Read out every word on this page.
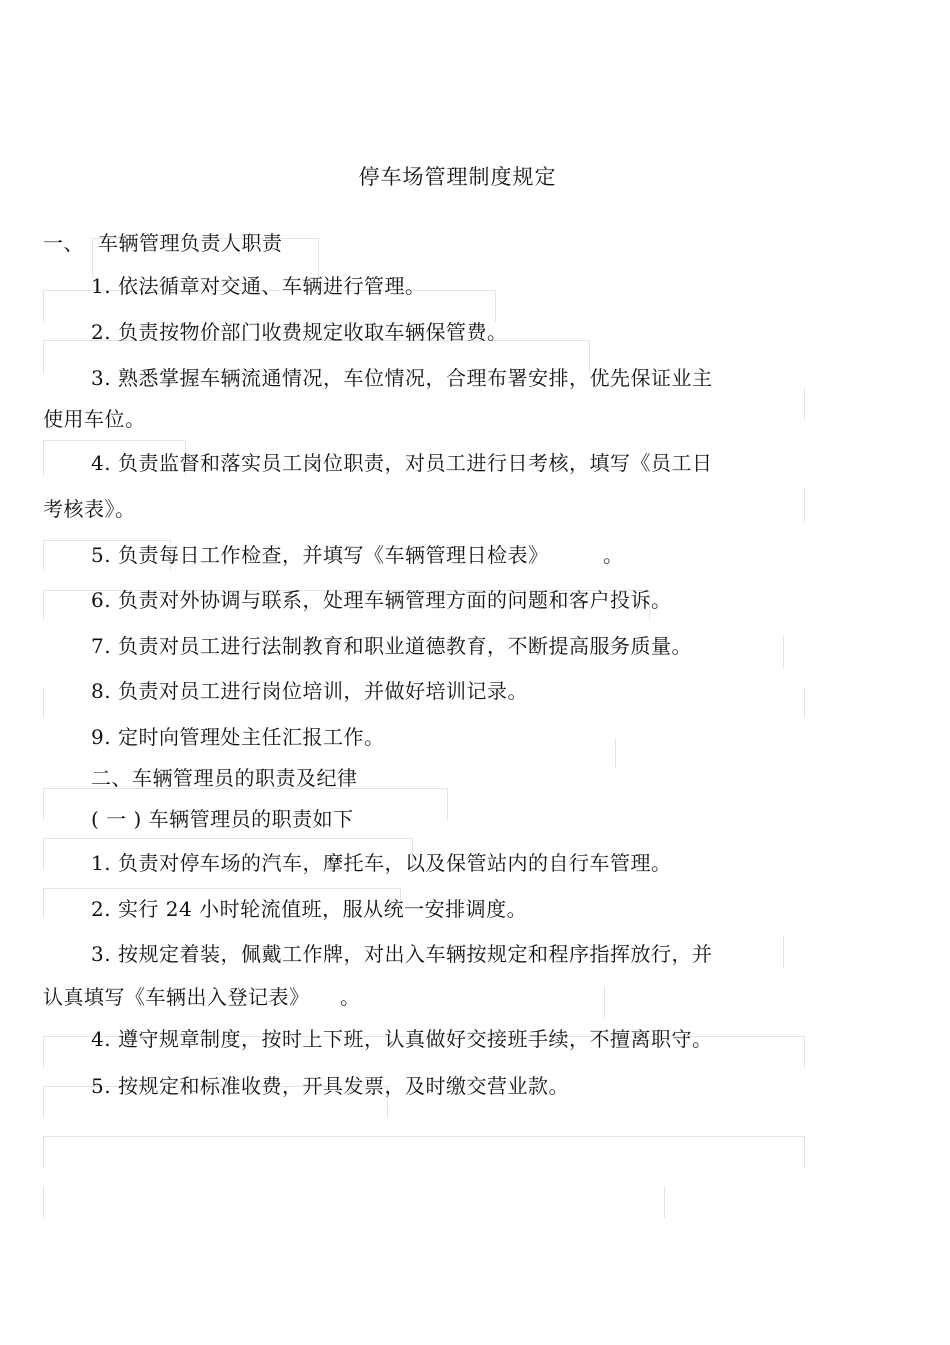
停车场管理制度规定
一、 车辆管理负责人职责
1. 依法循章对交通、车辆进行管理。
2. 负责按物价部门收费规定收取车辆保管费。
3. 熟悉掌握车辆流通情况，车位情况，合理布署安排，优先保证业主
使用车位。
4. 负责监督和落实员工岗位职责，对员工进行日考核，填写《员工日
考核表》。
5. 负责每日工作检查，并填写《车辆管理日检表》	。
6. 负责对外协调与联系，处理车辆管理方面的问题和客户投诉。
7. 负责对员工进行法制教育和职业道德教育，不断提高服务质量。
8. 负责对员工进行岗位培训，并做好培训记录。
9. 定时向管理处主任汇报工作。
二、车辆管理员的职责及纪律
( 一 ) 车辆管理员的职责如下
1. 负责对停车场的汽车，摩托车，以及保管站内的自行车管理。
2. 实行 24 小时轮流值班，服从统一安排调度。
3. 按规定着装，佩戴工作牌，对出入车辆按规定和程序指挥放行，并
认真填写《车辆出入登记表》 。
4. 遵守规章制度，按时上下班，认真做好交接班手续，不擅离职守。
5. 按规定和标准收费，开具发票，及时缴交营业款。
